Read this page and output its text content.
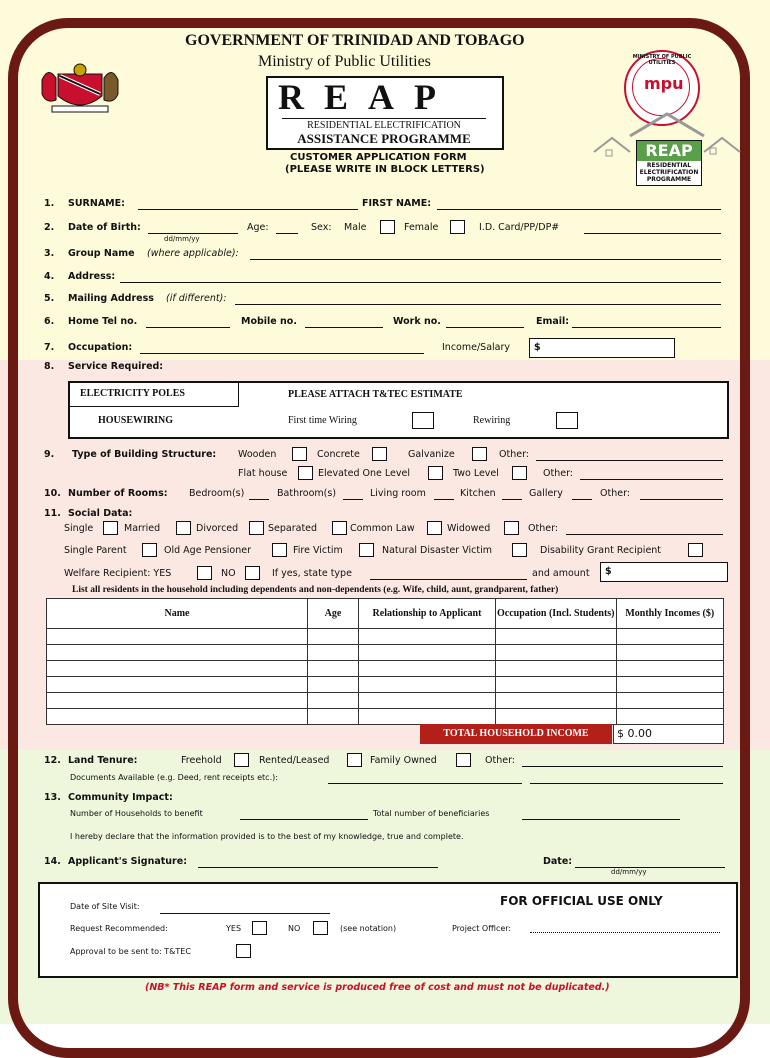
GOVERNMENT OF TRINIDAD AND TOBAGO
Ministry of Public Utilities
REAP
RESIDENTIAL ELECTRIFICATION
ASSISTANCE PROGRAMME
MINISTRY OF PUBLIC UTILITIES
mpu
REAP
RESIDENTIAL
ELECTRIFICATION
PROGRAMME
CUSTOMER APPLICATION FORM
(PLEASE WRITE IN BLOCK LETTERS)
1. SURNAME:	FIRST NAME:
2. Date of Birth:
dd/mm/yy
Age:	Sex: Male	Female	I.D. Card/PP/DP#
3. Group Name (where applicable):
4. Address:
5. Mailing Address (if different):
6. Home Tel no.	Mobile no.	Work no.	Email:
7. Occupation:	Income/Salary	$
8. Service Required:
ELECTRICITY POLES	PLEASE ATTACH T&TEC ESTIMATE
HOUSEWIRING	First time Wiring	Rewiring
9. Type of Building Structure: Wooden	Concrete	Galvanize	Other:
Flat house	Elevated One Level	Two Level	Other:
10. Number of Rooms: Bedroom(s)	Bathroom(s)	Living room	Kitchen	Gallery	Other:
11. Social Data:
Single	Married	Divorced	Separated	Common Law	Widowed	Other:
Single Parent	Old Age Pensioner	Fire Victim	Natural Disaster Victim	Disability Grant Recipient
Welfare Recipient: YES	NO	If yes, state type	and amount $
List all residents in the household including dependents and non-dependents (e.g. Wife, child, aunt, grandparent, father)
Name	Age	Relationship to Applicant	Occupation (Incl. Students)	Monthly Incomes ($)

TOTAL HOUSEHOLD INCOME	$ 0.00
12. Land Tenure:	Freehold	Rented/Leased	Family Owned	Other:
Documents Available (e.g. Deed, rent receipts etc.):
13. Community Impact:
Number of Households to benefit	Total number of beneficiaries
I hereby declare that the information provided is to the best of my knowledge, true and complete.
14. Applicant's Signature:	Date:
dd/mm/yy
FOR OFFICIAL USE ONLY
Date of Site Visit:
Request Recommended:	YES	NO	(see notation)	Project Officer:
Approval to be sent to: T&TEC
(NB* This REAP form and service is produced free of cost and must not be duplicated.)
